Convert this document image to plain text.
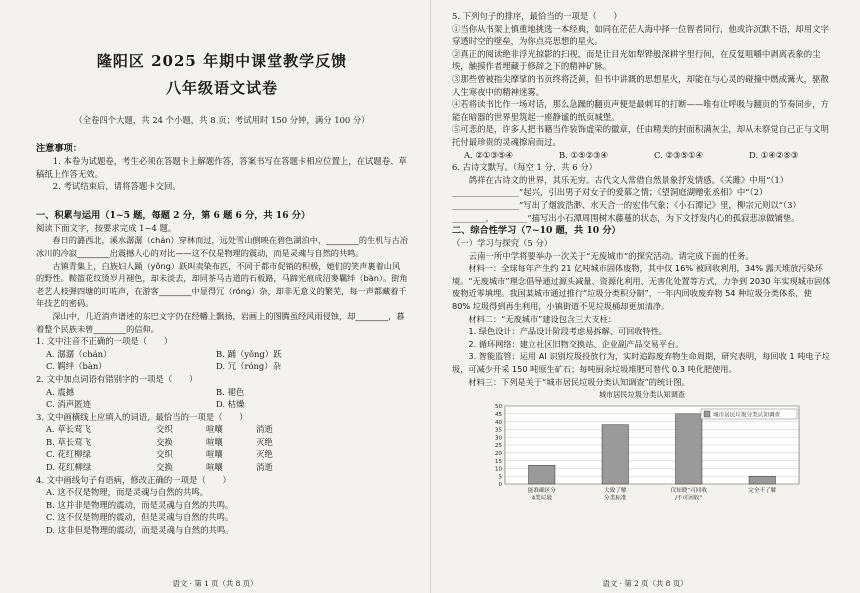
隆阳区 2025 年期中课堂教学反馈
八年级语文试卷
（全卷四个大题，共 24 个小题，共 8 页；考试用时 150 分钟，满分 100 分）
注意事项：
1. 本卷为试题卷，考生必须在答题卡上解题作答，答案书写在答题卡相应位置上，在试题卷、草稿纸上作答无效。
2. 考试结束后，请将答题卡交回。
一、积累与运用（1~5 题，每题 2 分，第 6 题 6 分，共 16 分）
阅读下面文字，按要求完成 1~4 题。
春日的潞西北，溪水潺潺（chán）穿林而过，远处雪山倒映在碧色湖泊中，________的生机与古冶冰川的冷寂________出震撼人心的对比——这不仅是物理的震动，而是灵魂与自然的共鸣。
古镇青集上，白族妇人踊（yǒng）跃叫卖染布匹，不同于都市促销的积极，她们的笑声裹着山风的野性。鞍篮花纹烫岁月褪色，却未淡去，却同茶马古道的石板路，马蹄光痕成沼麥羈绊（bàn）。街角老艺人枝弹四塘的叮咗声，在游客________中显得冗（róng）杂，却非无意义的繁芜，每一声都藏着千年技艺的密码。
深山中，几近消声谱述的东巴文字仍在经幡上飘扬，岩画上的图腾虽经风雨侵蚀，却________，暮着整个民族未曾________的信仰。
1. 文中注音不正确的一项是（　　）
A. 潺潺（chán）	B. 踊（yǒng）跃
C. 羁绊（bàn）	D. 冗（róng）杂
2. 文中加点词语有错别字的一项是（　　）
A. 震撼	B. 褪色
C. 消声匿迹	D. 枯燥
3. 文中画横线上应填入的词语，最恰当的一项是（　　）
A. 草长莺飞	交织	喧嚷	消逝
B. 草长莺飞	交换	喧嚷	灭绝
C. 花红柳绿	交织	喧嚷	灭绝
D. 花红柳绿	交换	喧嚷	消逝
4. 文中画线句子有语病，修改正确的一项是（　　）
A. 这不仅是物理，而是灵魂与自然的共鸣。
B. 这并非是物理的震动，而是灵魂与自然的共鸣。
C. 这不仅是物理的震动，但是灵魂与自然的共鸣。
D. 这非但是物理的震动，而是灵魂与自然的共鸣。
语文 · 第 1 页（共 8 页）
5. 下列句子的排序，最恰当的一项是（　　）
①当你从书架上慎重地挑选一本经典，如同在茫茫人海中择一位智者同行，他或许沉默不语，却用文字穿透时空的壁垒，为你点亮思想的星火。
②真正的阅读绝非浮光掠影的扫视，而是让目光如犁铧般深耕字里行间，在反复咀嚼中剥离表象的尘埃，触摸作者埋藏于修辞之下的精神矿脉。
③那些曾被指尖摩挲的书页终将泛黄，但书中讲溉的思想星火，却能在与心灵的碰撞中燃成篝火，驱散人生寒夜中的精神迷雾。
④若将读书比作一场对话，那么急躁的翻页声便是最刺耳的打断——唯有让呼吸与翻页的节奏同步，方能在暗器的世界里筑起一座静谧的纸页城堡。
⑤可悲的是，许多人把书籍当作装饰虚荣的徽章，任由精美的封面积满灰尘，却从未察觉自己正与文明托付最珍贵的灵魂擦肩而过。
A. ②①③⑤④	B. ①⑤②③④	C. ②③⑤①④	D. ①④②⑤③
6. 古诗文默写。（每空 1 分，共 6 分）
鸽祥在古诗文的世界，其乐无穷。古代文人常借自然景象抒发情感。《关雎》中用“（1）________________”起兴，引出男子对女子的爱慕之情；《望洞庭湖赠张丞相》中“（2）________________”写出了烟波浩渺、水天合一的宏伟气象；《小石潭记》里，柳宗元则以“（3）________，________”描写出小石潭周围树木藤蔓的状态，为下文抒发内心的孤寂悲凉做铺垫。
二、综合性学习（7~10 题，共 10 分）
（一）学习与探究（5 分）
云南一所中学将要举办一次关于“无废城市”的探究活动。请完成下面的任务。
材料一：全球每年产生约 21 亿吨城市固体废物，其中仅 16% 被回收利用，34% 露天堆放污染环境。“无废城市”理念倡导通过源头减量、资源化利用、无害化处置等方式，力争到 2030 年实现城市固体废物近零填埋。我国某城市通过推行“垃圾分类积分制”，一年内回收废弃物 54 种垃圾分类体系，使 80% 垃圾得到再生利用，小镇街道不见垃圾桶却更加清净。
材料二：“无废城市”建设包含三大支柱：
1. 绿色设计：产品设计阶段考虑易拆解、可回收特性。
2. 循环网络：建立社区旧物交换站、企业副产品交易平台。
3. 智能监管：运用 AI 识别垃圾投放行为，实时追踪废弃物生命周期，研究表明，每回收 1 吨电子垃圾，可减少开采 150 吨原生矿石；每吨厨余垃圾堆肥可替代 0.3 吨化肥使用。
材料三：下列是关于“城市居民垃圾分类认知调查”的统计图。
城市居民垃圾分类认知调查
0
5
10
15
20
25
30
35
40
45
50
能准确区分
4类垃圾
大致了解
分类标准
仅知晓“可回收
/不可回收”
完全不了解
城市居民垃圾分类认知调查
语文 · 第 2 页（共 8 页）
